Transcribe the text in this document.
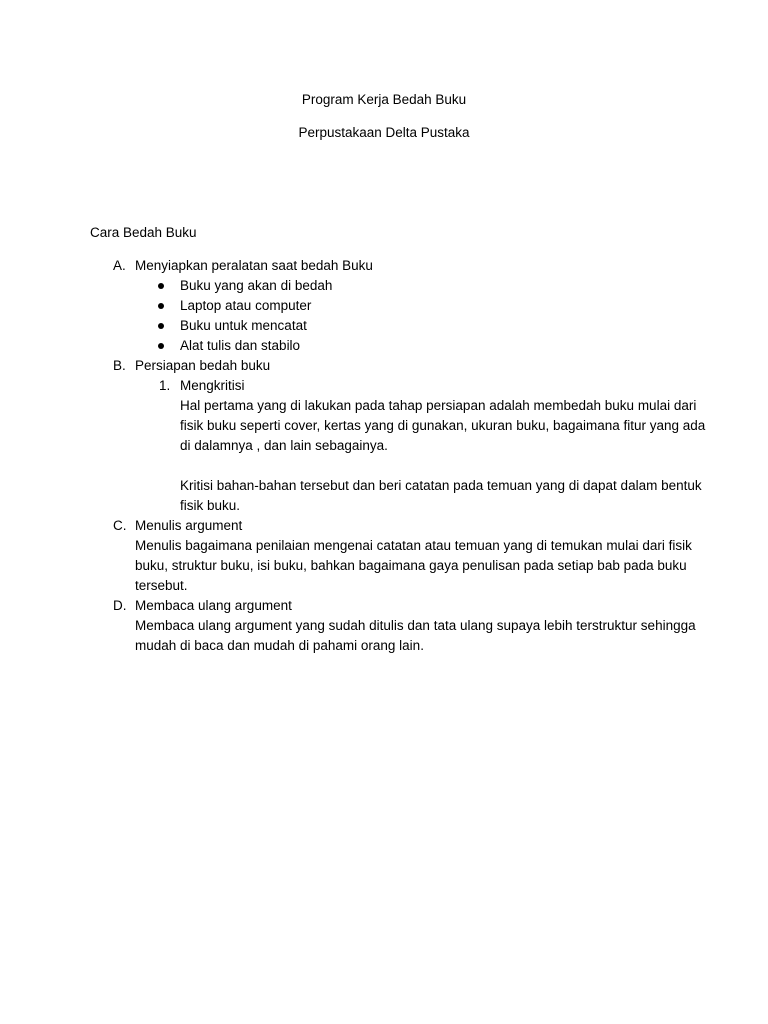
Program Kerja Bedah Buku
Perpustakaan Delta Pustaka
Cara Bedah Buku
A. Menyiapkan peralatan saat bedah Buku
Buku yang akan di bedah
Laptop atau computer
Buku untuk mencatat
Alat tulis dan stabilo
B. Persiapan bedah buku
1. Mengkritisi
Hal pertama yang di lakukan pada tahap persiapan adalah membedah buku mulai dari
fisik buku seperti cover, kertas yang di gunakan, ukuran buku, bagaimana fitur yang ada
di dalamnya , dan lain sebagainya.
Kritisi bahan-bahan tersebut dan beri catatan pada temuan yang di dapat dalam bentuk
fisik buku.
C. Menulis argument
Menulis bagaimana penilaian mengenai catatan atau temuan yang di temukan mulai dari fisik
buku, struktur buku, isi buku, bahkan bagaimana gaya penulisan pada setiap bab pada buku
tersebut.
D. Membaca ulang argument
Membaca ulang argument yang sudah ditulis dan tata ulang supaya lebih terstruktur sehingga
mudah di baca dan mudah di pahami orang lain.
